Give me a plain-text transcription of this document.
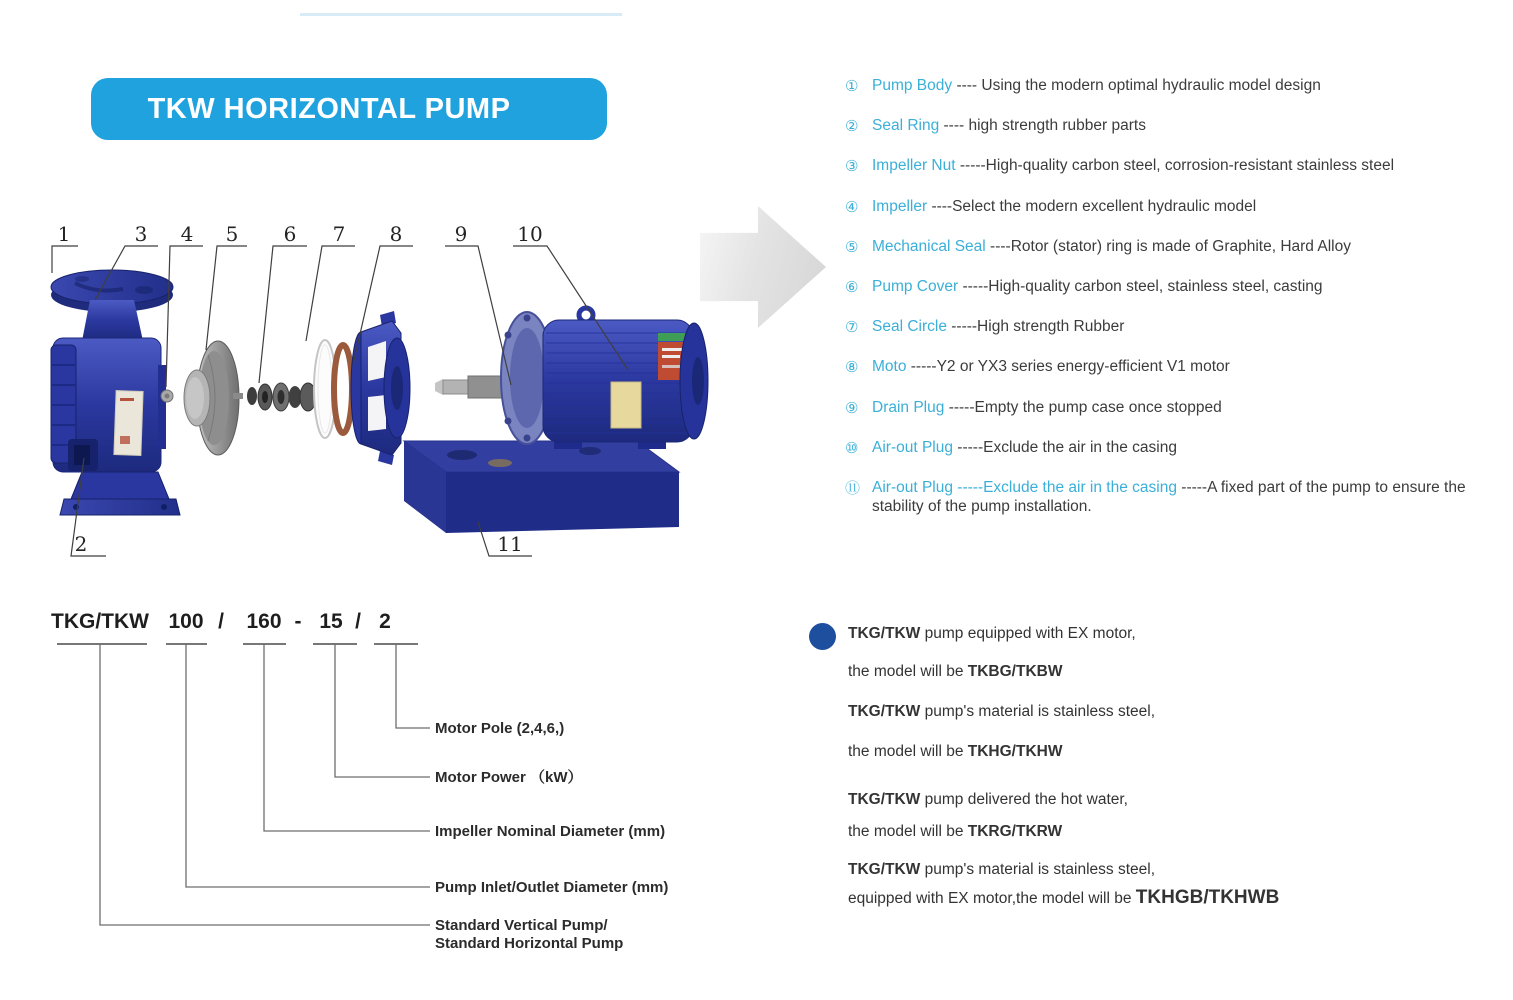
TKW HORIZONTAL PUMP
1	3 4 5 6 7 8	9 10
2	11
① Pump Body ---- Using the modern optimal hydraulic model design
② Seal Ring ---- high strength rubber parts
③ Impeller Nut -----High-quality carbon steel, corrosion-resistant stainless steel
④ Impeller ----Select the modern excellent hydraulic model
⑤ Mechanical Seal ----Rotor (stator) ring is made of Graphite, Hard Alloy
⑥ Pump Cover -----High-quality carbon steel, stainless steel, casting
⑦ Seal Circle -----High strength Rubber
⑧ Moto -----Y2 or YX3 series energy-efficient V1 motor
⑨ Drain Plug -----Empty the pump case once stopped
⑩ Air-out Plug -----Exclude the air in the casing
⑪ Air-out Plug -----Exclude the air in the casing -----A fixed part of the pump to ensure the stability of the pump installation.
TKG/TKW 100 / 160 - 15 / 2
Motor Pole (2,4,6,)
Motor Power （kW）
Impeller Nominal Diameter (mm)
Pump Inlet/Outlet Diameter (mm)
Standard Vertical Pump/
Standard Horizontal Pump
TKG/TKW pump equipped with EX motor,
the model will be TKBG/TKBW
TKG/TKW pump's material is stainless steel,
the model will be TKHG/TKHW
TKG/TKW pump delivered the hot water,
the model will be TKRG/TKRW
TKG/TKW pump's material is stainless steel,
equipped with EX motor,the model will be TKHGB/TKHWB
